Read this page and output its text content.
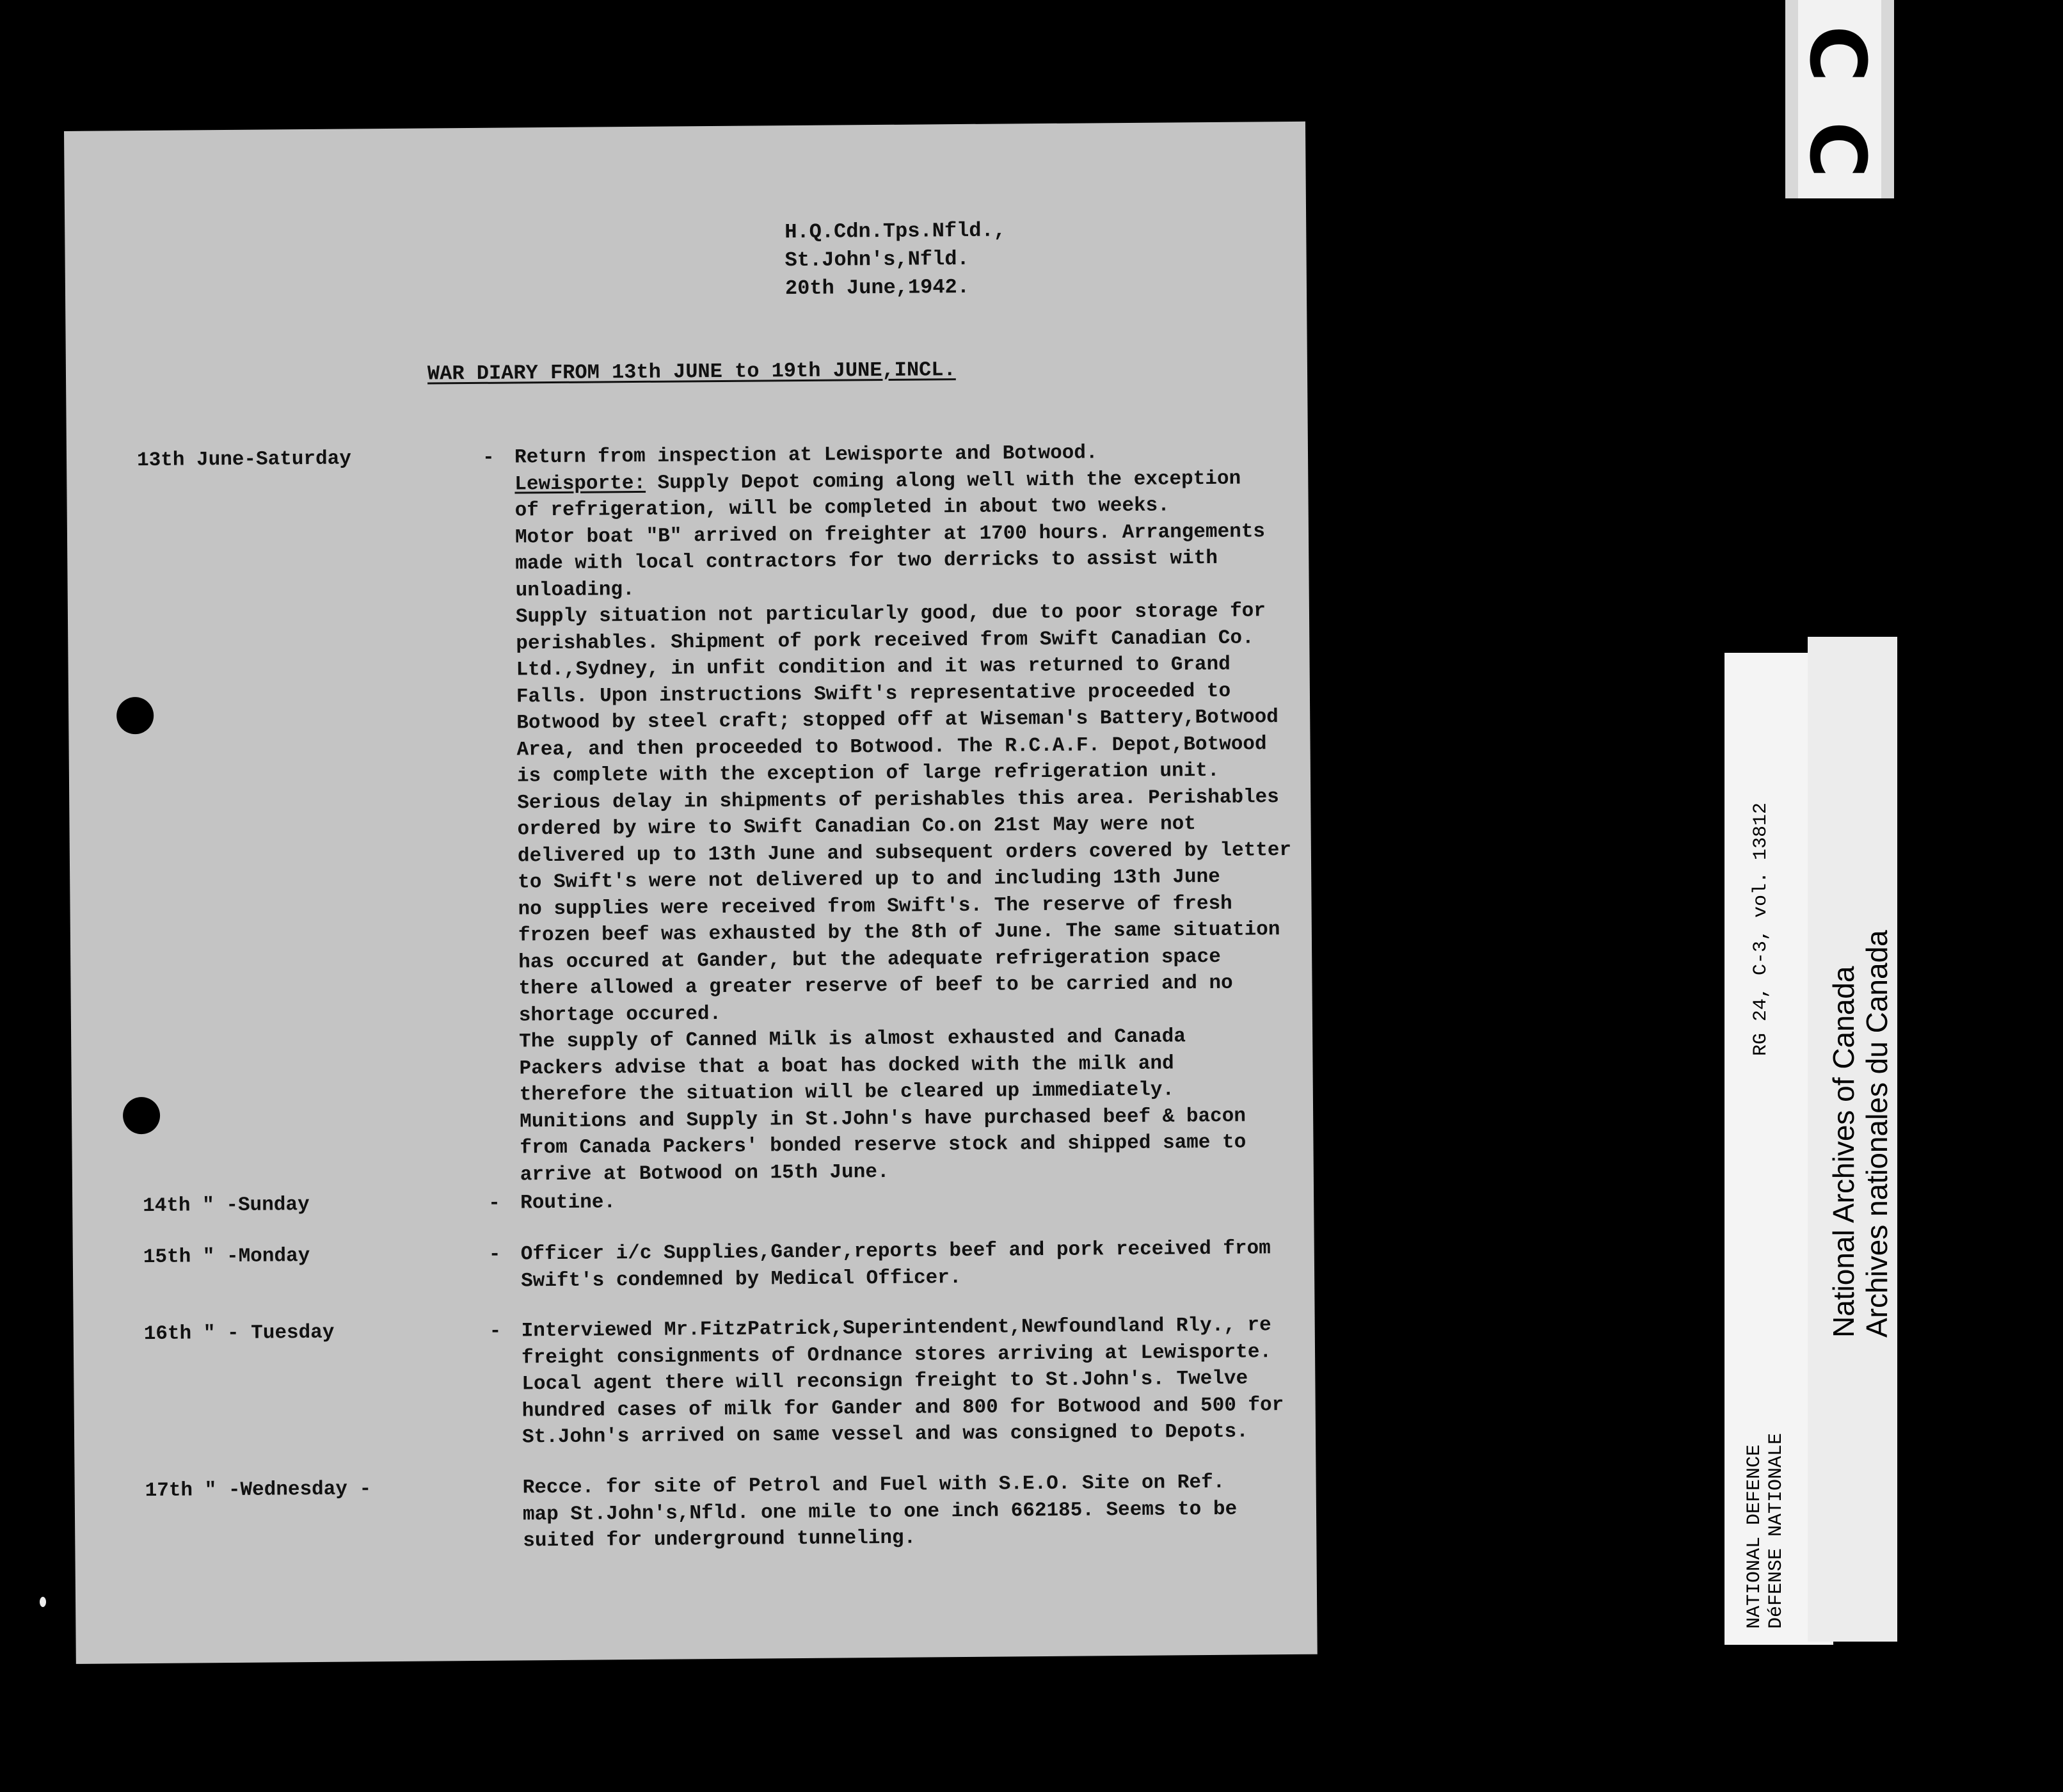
H.Q.Cdn.Tps.Nfld.,
St.John's,Nfld.
20th June,1942.
WAR DIARY FROM 13th JUNE to 19th JUNE,INCL.
13th June-Saturday	- Return from inspection at Lewisporte and Botwood.
Lewisporte: Supply Depot coming along well with the exception
of refrigeration, will be completed in about two weeks.
Motor boat "B" arrived on freighter at 1700 hours. Arrangements
made with local contractors for two derricks to assist with
unloading.
Supply situation not particularly good, due to poor storage for
perishables. Shipment of pork received from Swift Canadian Co.
Ltd.,Sydney, in unfit condition and it was returned to Grand
Falls. Upon instructions Swift's representative proceeded to
Botwood by steel craft; stopped off at Wiseman's Battery,Botwood
Area, and then proceeded to Botwood. The R.C.A.F. Depot,Botwood
is complete with the exception of large refrigeration unit.
Serious delay in shipments of perishables this area. Perishables
ordered by wire to Swift Canadian Co.on 21st May were not
delivered up to 13th June and subsequent orders covered by letter
to Swift's were not delivered up to and including 13th June
no supplies were received from Swift's. The reserve of fresh
frozen beef was exhausted by the 8th of June. The same situation
has occured at Gander, but the adequate refrigeration space
there allowed a greater reserve of beef to be carried and no
shortage occured.
The supply of Canned Milk is almost exhausted and Canada
Packers advise that a boat has docked with the milk and
therefore the situation will be cleared up immediately.
Munitions and Supply in St.John's have purchased beef & bacon
from Canada Packers' bonded reserve stock and shipped same to
arrive at Botwood on 15th June.
14th " -Sunday	- Routine.
15th " -Monday	- Officer i/c Supplies,Gander,reports beef and pork received from
Swift's condemned by Medical Officer.
16th " - Tuesday	- Interviewed Mr.FitzPatrick,Superintendent,Newfoundland Rly., re
freight consignments of Ordnance stores arriving at Lewisporte.
Local agent there will reconsign freight to St.John's. Twelve
hundred cases of milk for Gander and 800 for Botwood and 500 for
St.John's arrived on same vessel and was consigned to Depots.
17th " -Wednesday -	Recce. for site of Petrol and Fuel with S.E.O. Site on Ref.
map St.John's,Nfld. one mile to one inch 662185. Seems to be
suited for underground tunneling.
C C
NATIONAL DEFENCE
DéFENSE NATIONALE
RG 24, C-3, vol. 13812
National Archives of Canada
Archives nationales du Canada
